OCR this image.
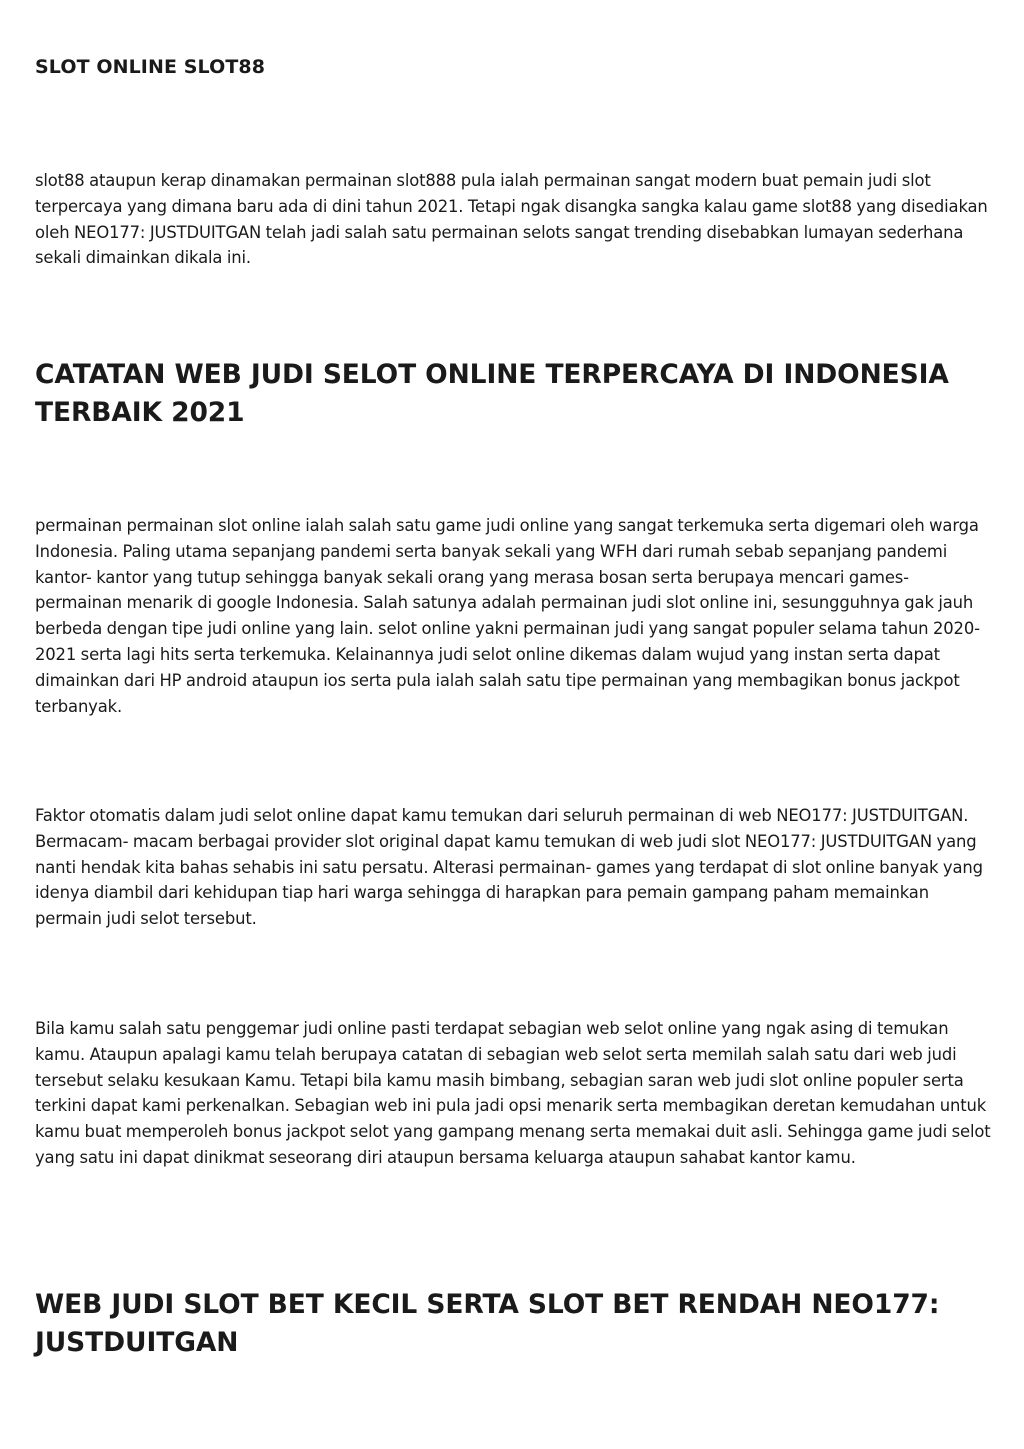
SLOT ONLINE SLOT88

slot88 ataupun kerap dinamakan permainan slot888 pula ialah permainan sangat modern buat pemain judi slot terpercaya yang dimana baru ada di dini tahun 2021. Tetapi ngak disangka sangka kalau game slot88 yang disediakan oleh NEO177: JUSTDUITGAN telah jadi salah satu permainan selots sangat trending disebabkan lumayan sederhana sekali dimainkan dikala ini.

CATATAN WEB JUDI SELOT ONLINE TERPERCAYA DI INDONESIA TERBAIK 2021

permainan permainan slot online ialah salah satu game judi online yang sangat terkemuka serta digemari oleh warga Indonesia. Paling utama sepanjang pandemi serta banyak sekali yang WFH dari rumah sebab sepanjang pandemi kantor- kantor yang tutup sehingga banyak sekali orang yang merasa bosan serta berupaya mencari games- permainan menarik di google Indonesia. Salah satunya adalah permainan judi slot online ini, sesungguhnya gak jauh berbeda dengan tipe judi online yang lain. selot online yakni permainan judi yang sangat populer selama tahun 2020- 2021 serta lagi hits serta terkemuka. Kelainannya judi selot online dikemas dalam wujud yang instan serta dapat dimainkan dari HP android ataupun ios serta pula ialah salah satu tipe permainan yang membagikan bonus jackpot terbanyak.

Faktor otomatis dalam judi selot online dapat kamu temukan dari seluruh permainan di web NEO177: JUSTDUITGAN. Bermacam- macam berbagai provider slot original dapat kamu temukan di web judi slot NEO177: JUSTDUITGAN yang nanti hendak kita bahas sehabis ini satu persatu. Alterasi permainan- games yang terdapat di slot online banyak yang idenya diambil dari kehidupan tiap hari warga sehingga di harapkan para pemain gampang paham memainkan permain judi selot tersebut.

Bila kamu salah satu penggemar judi online pasti terdapat sebagian web selot online yang ngak asing di temukan kamu. Ataupun apalagi kamu telah berupaya catatan di sebagian web selot serta memilah salah satu dari web judi tersebut selaku kesukaan Kamu. Tetapi bila kamu masih bimbang, sebagian saran web judi slot online populer serta terkini dapat kami perkenalkan. Sebagian web ini pula jadi opsi menarik serta membagikan deretan kemudahan untuk kamu buat memperoleh bonus jackpot selot yang gampang menang serta memakai duit asli. Sehingga game judi selot yang satu ini dapat dinikmat seseorang diri ataupun bersama keluarga ataupun sahabat kantor kamu.

WEB JUDI SLOT BET KECIL SERTA SLOT BET RENDAH NEO177: JUSTDUITGAN
